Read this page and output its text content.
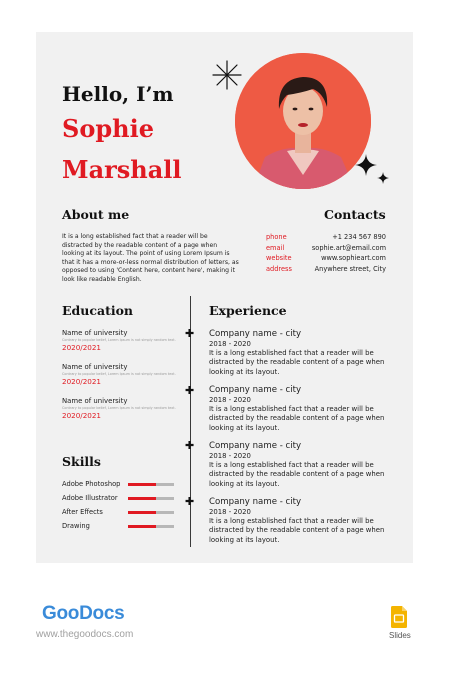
Hello, I’m
Sophie
Marshall
About me
It is a long established fact that a reader will be distracted by the readable content of a page when looking at its layout. The point of using Lorem Ipsum is that it has a more-or-less normal distribution of letters, as opposed to using 'Content here, content here', making it look like readable English.
Contacts
phone	+1 234 567 890
email	sophie.art@email.com
website	www.sophieart.com
address	Anywhere street, City
Education	Experience
✚
✚
✚
✚
Name of university
Contrary to popular belief, Lorem Ipsum is not simply random text.
2020/2021
Name of university
Contrary to popular belief, Lorem Ipsum is not simply random text.
2020/2021
Name of university
Contrary to popular belief, Lorem Ipsum is not simply random text.
2020/2021
Skills
Adobe Photoshop
Adobe Illustrator
After Effects
Drawing
Company name - city
2018 - 2020
It is a long established fact that a reader will be distracted by the readable content of a page when looking at its layout.
Company name - city
2018 - 2020
It is a long established fact that a reader will be distracted by the readable content of a page when looking at its layout.
Company name - city
2018 - 2020
It is a long established fact that a reader will be distracted by the readable content of a page when looking at its layout.
Company name - city
2018 - 2020
It is a long established fact that a reader will be distracted by the readable content of a page when looking at its layout.
GooDocs
www.thegoodocs.com	Slides
